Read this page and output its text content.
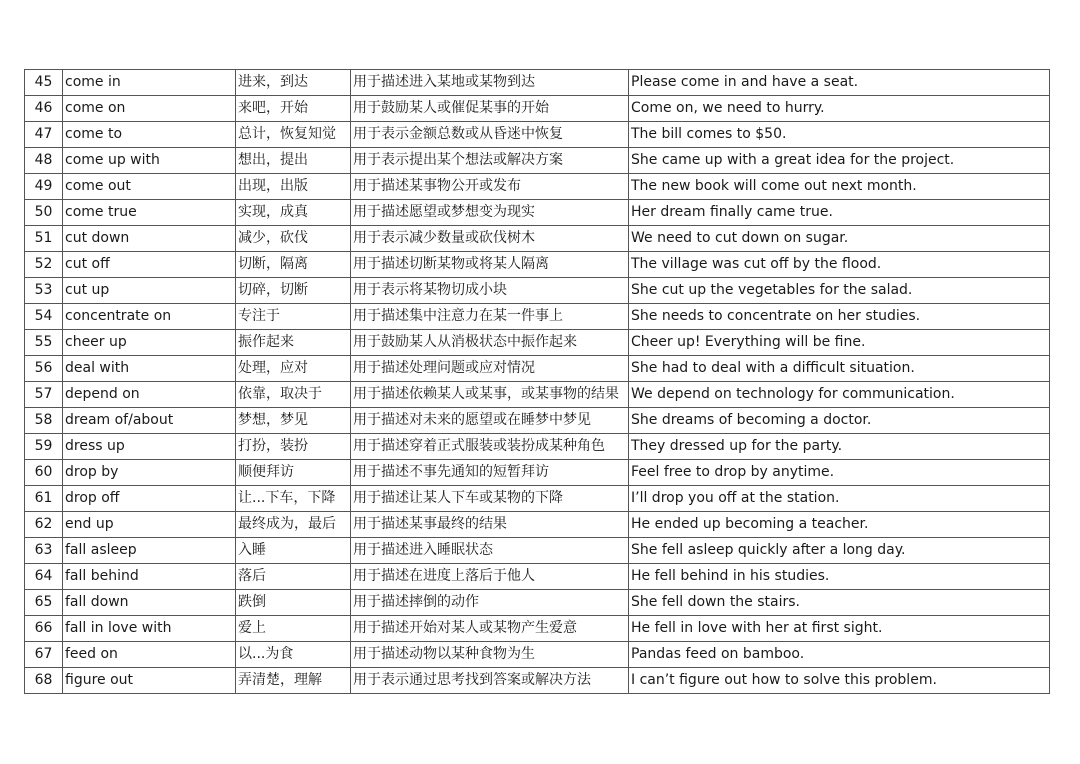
45	come in	进来，到达	用于描述进入某地或某物到达	Please come in and have a seat.
46	come on	来吧，开始	用于鼓励某人或催促某事的开始	Come on, we need to hurry.
47	come to	总计，恢复知觉	用于表示金额总数或从昏迷中恢复	The bill comes to $50.
48	come up with	想出，提出	用于表示提出某个想法或解决方案	She came up with a great idea for the project.
49	come out	出现，出版	用于描述某事物公开或发布	The new book will come out next month.
50	come true	实现，成真	用于描述愿望或梦想变为现实	Her dream finally came true.
51	cut down	减少，砍伐	用于表示减少数量或砍伐树木	We need to cut down on sugar.
52	cut off	切断，隔离	用于描述切断某物或将某人隔离	The village was cut off by the flood.
53	cut up	切碎，切断	用于表示将某物切成小块	She cut up the vegetables for the salad.
54	concentrate on	专注于	用于描述集中注意力在某一件事上	She needs to concentrate on her studies.
55	cheer up	振作起来	用于鼓励某人从消极状态中振作起来	Cheer up! Everything will be fine.
56	deal with	处理，应对	用于描述处理问题或应对情况	She had to deal with a difficult situation.
57	depend on	依靠，取决于	用于描述依赖某人或某事，或某事物的结果	We depend on technology for communication.
58	dream of/about	梦想，梦见	用于描述对未来的愿望或在睡梦中梦见	She dreams of becoming a doctor.
59	dress up	打扮，装扮	用于描述穿着正式服装或装扮成某种角色	They dressed up for the party.
60	drop by	顺便拜访	用于描述不事先通知的短暂拜访	Feel free to drop by anytime.
61	drop off	让...下车，下降	用于描述让某人下车或某物的下降	I’ll drop you off at the station.
62	end up	最终成为，最后	用于描述某事最终的结果	He ended up becoming a teacher.
63	fall asleep	入睡	用于描述进入睡眠状态	She fell asleep quickly after a long day.
64	fall behind	落后	用于描述在进度上落后于他人	He fell behind in his studies.
65	fall down	跌倒	用于描述摔倒的动作	She fell down the stairs.
66	fall in love with	爱上	用于描述开始对某人或某物产生爱意	He fell in love with her at first sight.
67	feed on	以...为食	用于描述动物以某种食物为生	Pandas feed on bamboo.
68	figure out	弄清楚，理解	用于表示通过思考找到答案或解决方法	I can’t figure out how to solve this problem.
